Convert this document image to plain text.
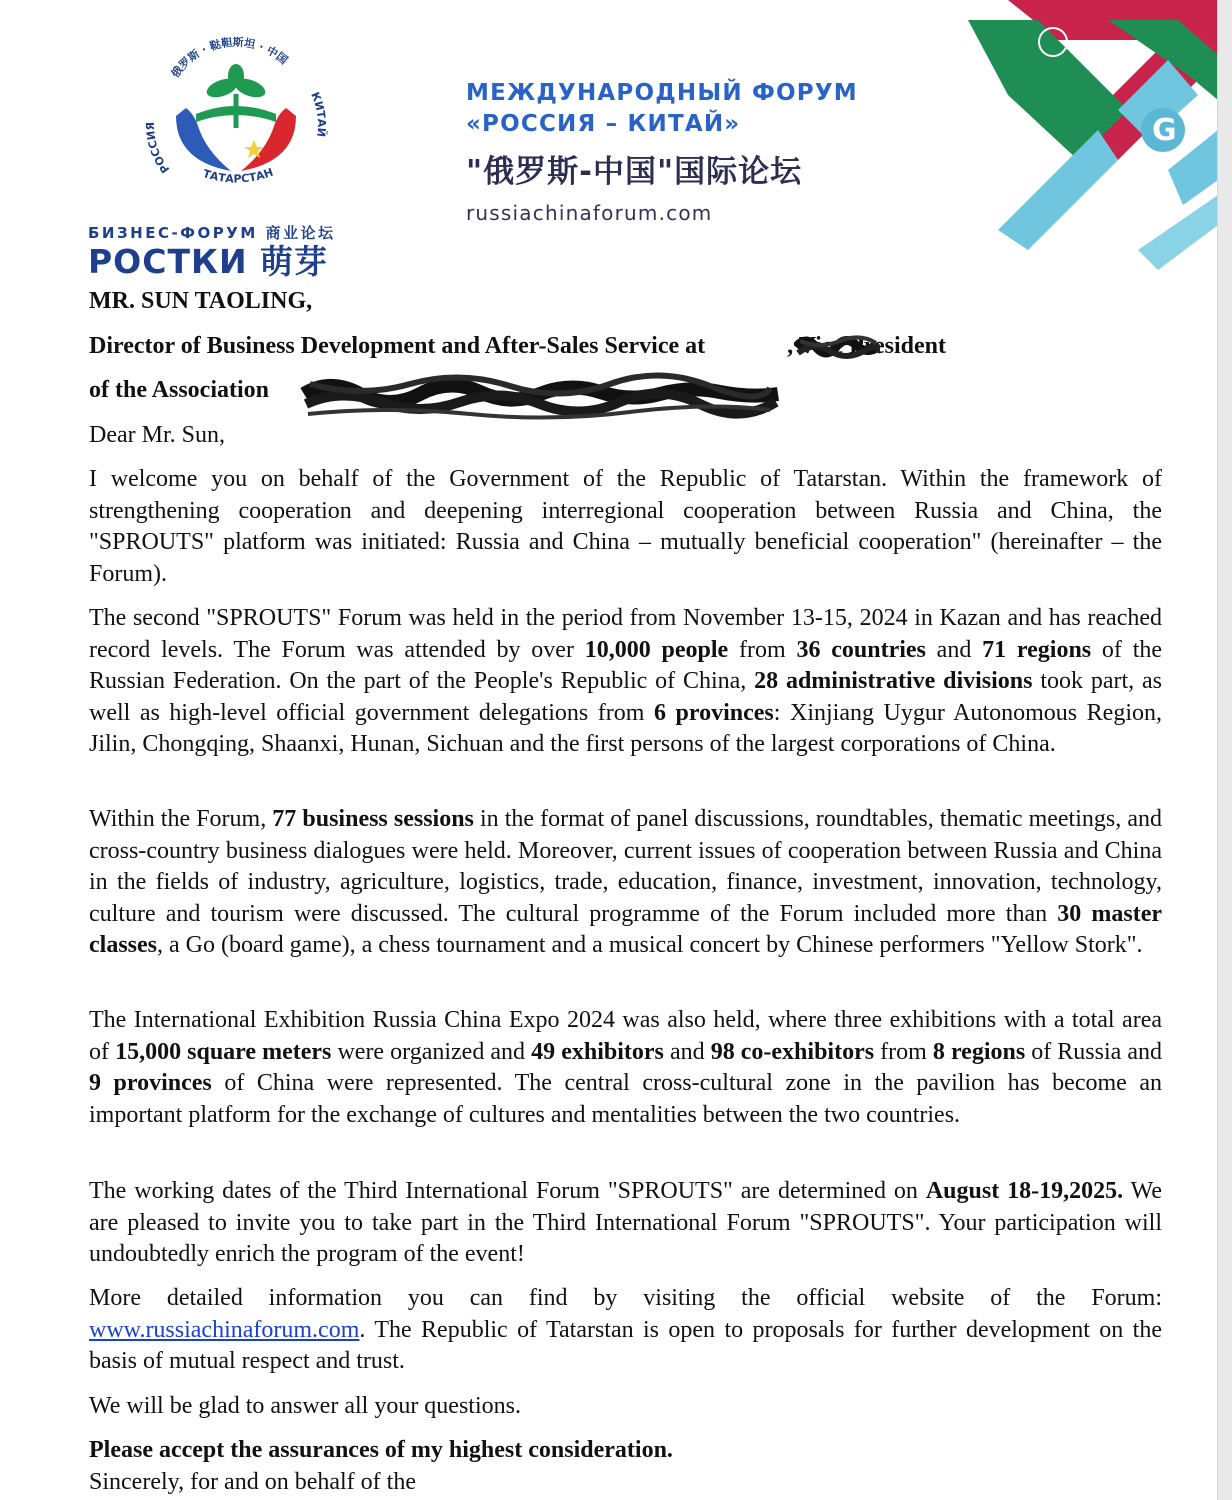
俄罗斯 · 鞑靼斯坦 · 中国
РОССИЯ
ТАТАРСТАН
КИТАЙ
БИЗНЕС-ФОРУМ 商业论坛
РОСТКИ 萌芽
МЕЖДУНАРОДНЫЙ ФОРУМ
«РОССИЯ – КИТАЙ»
"俄罗斯-中国"国际论坛
russiachinaforum.com
G
MR. SUN TAOLING,
Director of Business Development and After-Sales Service at	, Vice President
of the Association
Dear Mr. Sun,

I welcome you on behalf of the Government of the Republic of Tatarstan. Within the framework of strengthening cooperation and deepening interregional cooperation between Russia and China, the "SPROUTS" platform was initiated: Russia and China – mutually beneficial cooperation" (hereinafter – the Forum).

The second "SPROUTS" Forum was held in the period from November 13-15, 2024 in Kazan and has reached record levels. The Forum was attended by over 10,000 people from 36 countries and 71 regions of the Russian Federation. On the part of the People's Republic of China, 28 administrative divisions took part, as well as high-level official government delegations from 6 provinces: Xinjiang Uygur Autonomous Region, Jilin, Chongqing, Shaanxi, Hunan, Sichuan and the first persons of the largest corporations of China.

Within the Forum, 77 business sessions in the format of panel discussions, roundtables, thematic meetings, and cross-country business dialogues were held. Moreover, current issues of cooperation between Russia and China in the fields of industry, agriculture, logistics, trade, education, finance, investment, innovation, technology, culture and tourism were discussed. The cultural programme of the Forum included more than 30 master classes, a Go (board game), a chess tournament and a musical concert by Chinese performers "Yellow Stork".

The International Exhibition Russia China Expo 2024 was also held, where three exhibitions with a total area of 15,000 square meters were organized and 49 exhibitors and 98 co-exhibitors from 8 regions of Russia and 9 provinces of China were represented. The central cross-cultural zone in the pavilion has become an important platform for the exchange of cultures and mentalities between the two countries.

The working dates of the Third International Forum "SPROUTS" are determined on August 18-19,2025. We are pleased to invite you to take part in the Third International Forum "SPROUTS". Your participation will undoubtedly enrich the program of the event!

More detailed information you can find by visiting the official website of the Forum: www.russiachinaforum.com. The Republic of Tatarstan is open to proposals for further development on the basis of mutual respect and trust.

We will be glad to answer all your questions.
Please accept the assurances of my highest consideration.
Sincerely, for and on behalf of the
